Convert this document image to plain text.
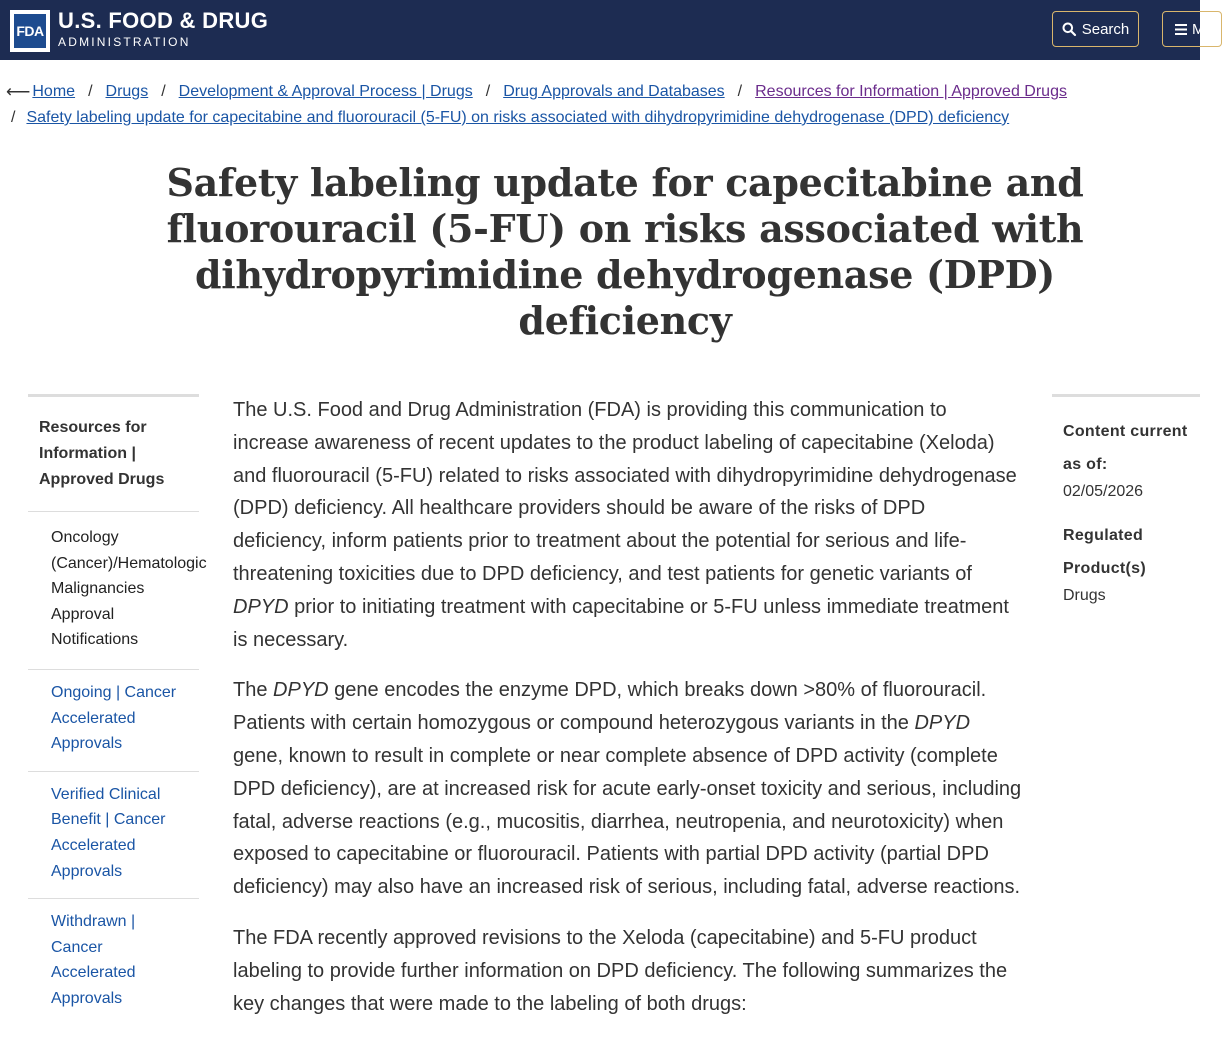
FDA U.S. FOOD & DRUG
ADMINISTRATION
Search	M
⟵ Home / Drugs / Development & Approval Process | Drugs / Drug Approvals and Databases / Resources for Information | Approved Drugs
/ Safety labeling update for capecitabine and fluorouracil (5-FU) on risks associated with dihydropyrimidine dehydrogenase (DPD) deficiency
Safety labeling update for capecitabine and fluorouracil (5-FU) on risks associated with dihydropyrimidine dehydrogenase (DPD) deficiency
Resources for Information | Approved Drugs
Oncology
(Cancer)/Hematologic
Malignancies
Approval
Notifications
Ongoing | Cancer
Accelerated
Approvals
Verified Clinical
Benefit | Cancer
Accelerated
Approvals
Withdrawn |
Cancer
Accelerated
Approvals

The U.S. Food and Drug Administration (FDA) is providing this communication to increase awareness of recent updates to the product labeling of capecitabine (Xeloda) and fluorouracil (5-FU) related to risks associated with dihydropyrimidine dehydrogenase (DPD) deficiency. All healthcare providers should be aware of the risks of DPD deficiency, inform patients prior to treatment about the potential for serious and life-threatening toxicities due to DPD deficiency, and test patients for genetic variants of DPYD prior to initiating treatment with capecitabine or 5-FU unless immediate treatment is necessary.

The DPYD gene encodes the enzyme DPD, which breaks down >80% of fluorouracil. Patients with certain homozygous or compound heterozygous variants in the DPYD gene, known to result in complete or near complete absence of DPD activity (complete DPD deficiency), are at increased risk for acute early-onset toxicity and serious, including fatal, adverse reactions (e.g., mucositis, diarrhea, neutropenia, and neurotoxicity) when exposed to capecitabine or fluorouracil. Patients with partial DPD activity (partial DPD deficiency) may also have an increased risk of serious, including fatal, adverse reactions.

The FDA recently approved revisions to the Xeloda (capecitabine) and 5-FU product labeling to provide further information on DPD deficiency. The following summarizes the key changes that were made to the labeling of both drugs:

Content current as of:
02/05/2026
Regulated Product(s)
Drugs
